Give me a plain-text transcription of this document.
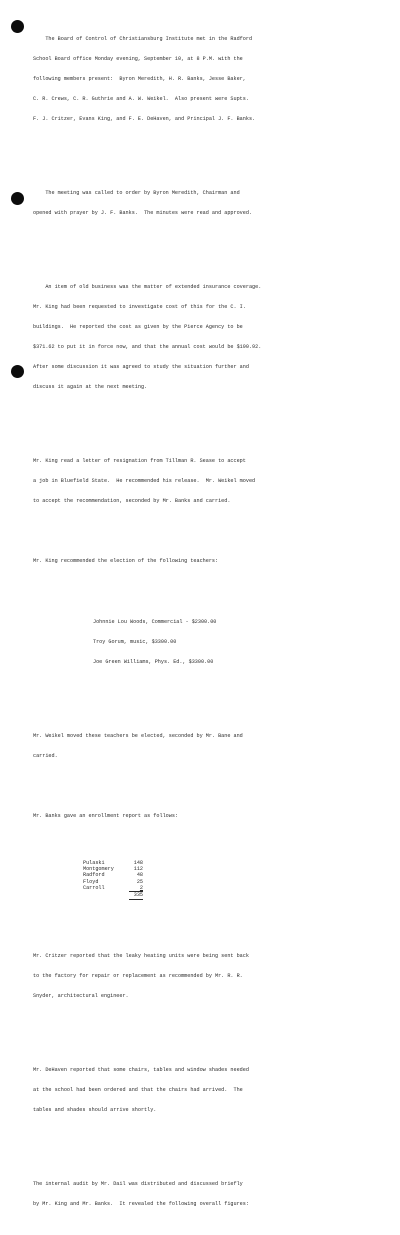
The Board of Control of Christiansburg Institute met in the Radford

School Board office Monday evening, September 10, at 8 P.M. with the

following members present:  Byron Meredith, H. R. Banks, Jesse Baker,

C. R. Crews, C. R. Guthrie and A. W. Weikel.  Also present were Supts.

F. J. Critzer, Evans King, and F. E. DeHaven, and Principal J. F. Banks.

The meeting was called to order by Byron Meredith, Chairman and

opened with prayer by J. F. Banks.  The minutes were read and approved.

An item of old business was the matter of extended insurance coverage.

Mr. King had been requested to investigate cost of this for the C. I.

buildings.  He reported the cost as given by the Pierce Agency to be

$371.62 to put it in force now, and that the annual cost would be $190.92.

After some discussion it was agreed to study the situation further and

discuss it again at the next meeting.

Mr. King read a letter of resignation from Tillman R. Sease to accept

a job in Bluefield State.  He recommended his release.  Mr. Weikel moved

to accept the recommendation, seconded by Mr. Banks and carried.

Mr. King recommended the election of the following teachers:

Johnnie Lou Woods, Commercial - $2300.00

Troy Gorum, music, $3300.00

Joe Green Williams, Phys. Ed., $3300.00

Mr. Weikel moved these teachers be elected, seconded by Mr. Bane and

carried.

Mr. Banks gave an enrollment report as follows:

Pulaski	148
Montgomery	112
Radford	48
Floyd	25
Carroll	2
	335

Mr. Critzer reported that the leaky heating units were being sent back

to the factory for repair or replacement as recommended by Mr. R. R.

Snyder, architectural engineer.

Mr. DeHaven reported that some chairs, tables and window shades needed

at the school had been ordered and that the chairs had arrived.  The

tables and shades should arrive shortly.

The internal audit by Mr. Dail was distributed and discussed briefly

by Mr. King and Mr. Banks.  It revealed the following overall figures:
